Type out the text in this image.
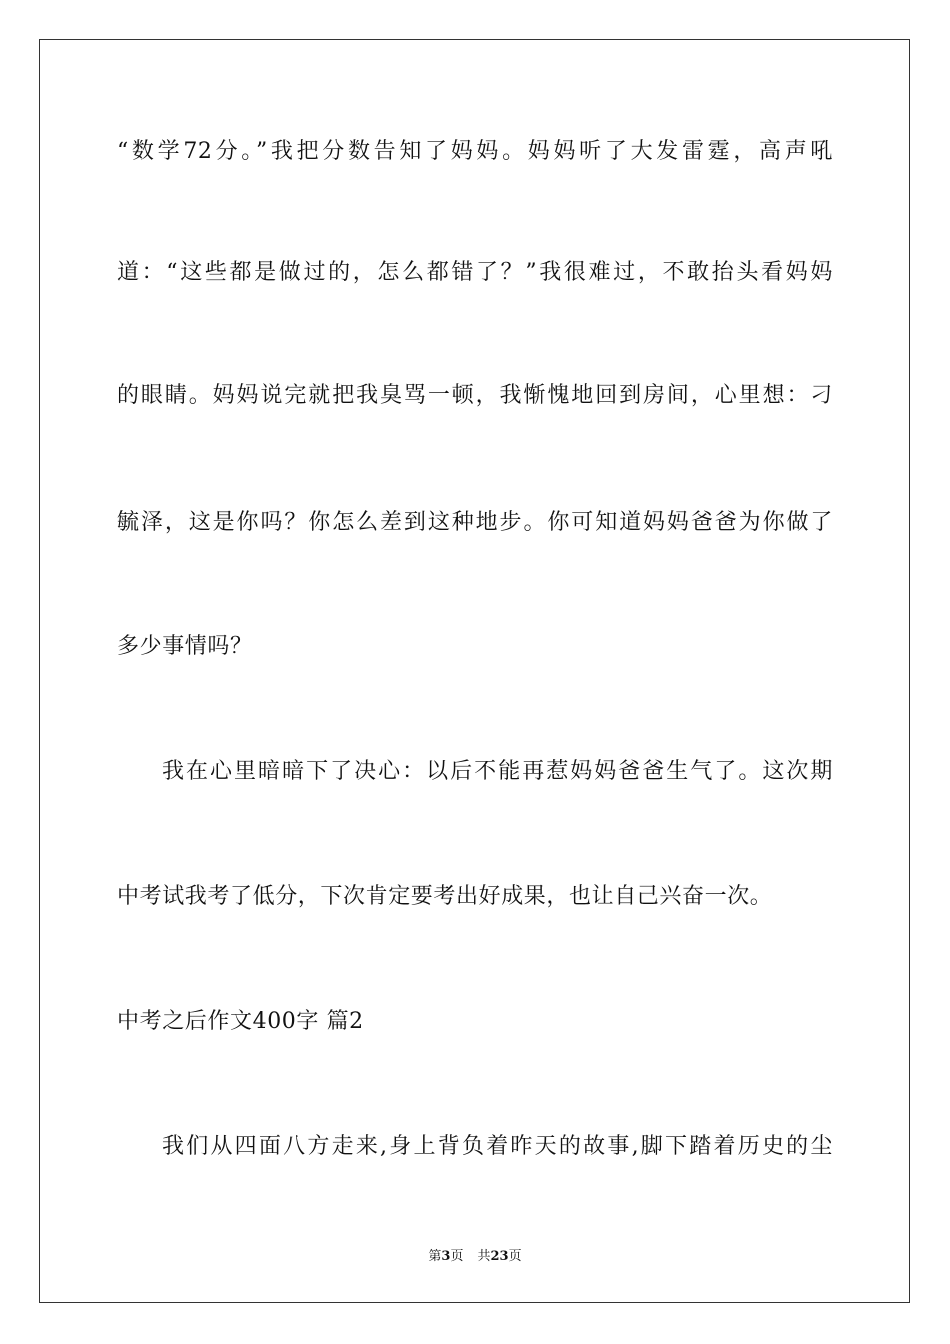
“数学72分。”我把分数告知了妈妈。妈妈听了大发雷霆，高声吼
道：“这些都是做过的，怎么都错了？”我很难过，不敢抬头看妈妈
的眼睛。妈妈说完就把我臭骂一顿，我惭愧地回到房间，心里想：刁
毓泽，这是你吗？你怎么差到这种地步。你可知道妈妈爸爸为你做了
多少事情吗？
我在心里暗暗下了决心：以后不能再惹妈妈爸爸生气了。这次期
中考试我考了低分，下次肯定要考出好成果，也让自己兴奋一次。
中考之后作文400字 篇2
我们从四面八方走来,身上背负着昨天的故事,脚下踏着历史的尘
第3页 共23页
